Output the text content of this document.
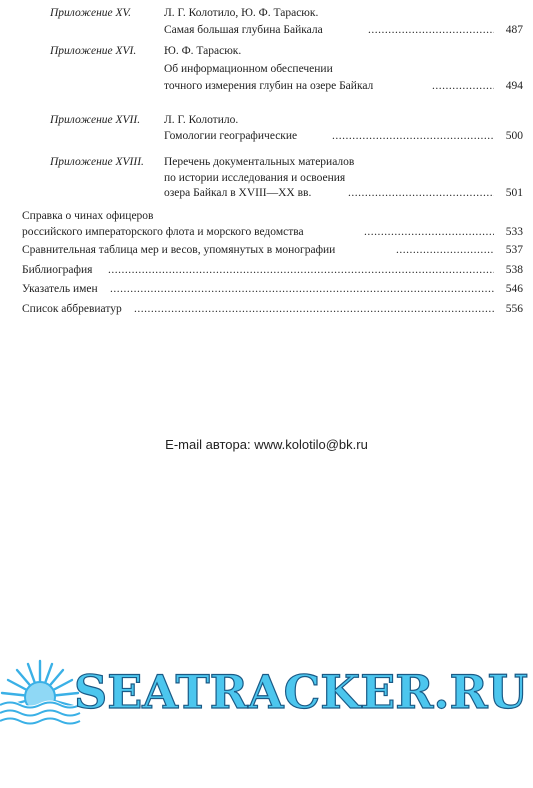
Приложение XV.	Л. Г. Колотило, Ю. Ф. Тарасюк.
Самая большая глубина Байкала .....	487
Приложение XVI. Ю. Ф. Тарасюк.
Об информационном обеспечении
точного измерения глубин на озере Байкал .....	494
Приложение XVII. Л. Г. Колотило.
Гомологии географические .....	500
Приложение XVIII. Перечень документальных материалов
по истории исследования и освоения
озера Байкал в XVIII—XX вв. .....	501
Справка о чинах офицеров
российского императорского флота и морского ведомства .....	533
Сравнительная таблица мер и весов, упомянутых в монографии .....	537
Библиография .....	538
Указатель имен .....	546
Список аббревиатур .....	556
E-mail автора: www.kolotilo@bk.ru
SEATRACKER.RU
